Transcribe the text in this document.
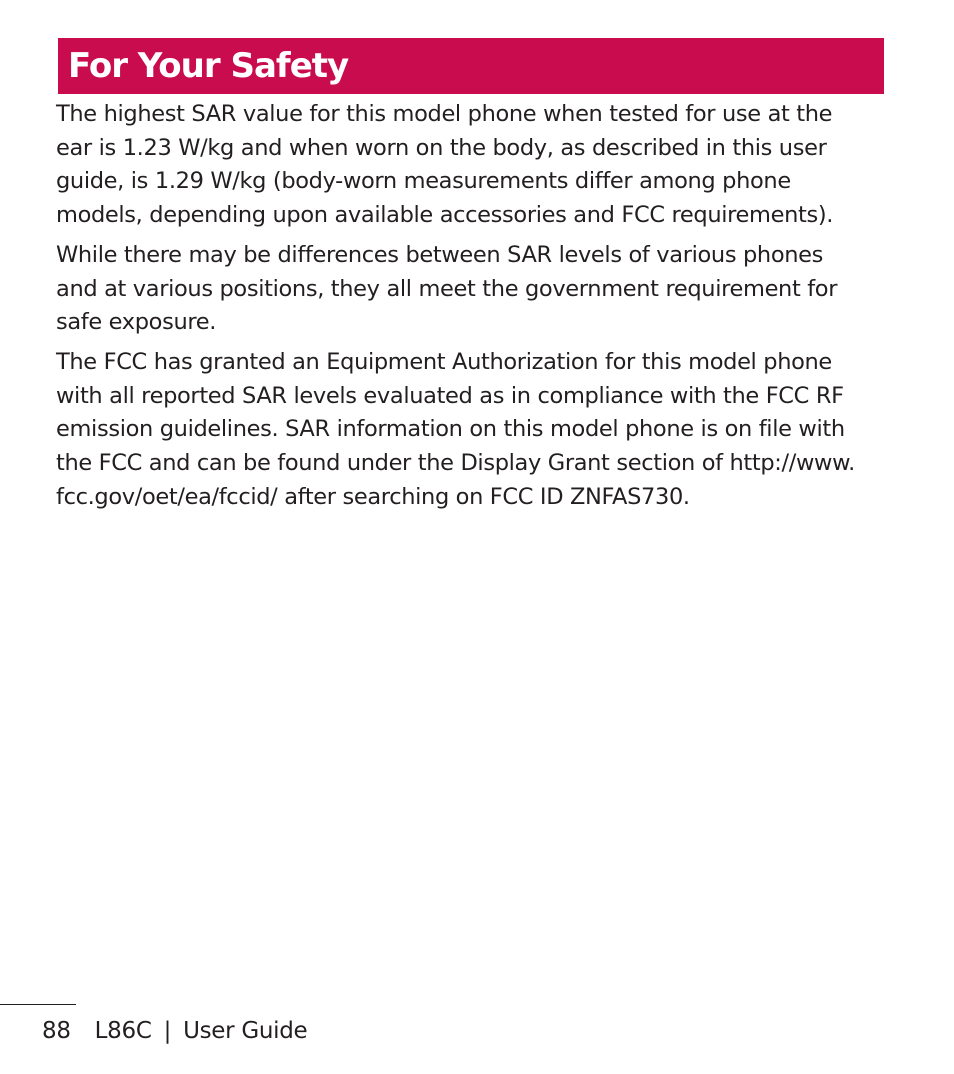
For Your Safety

The highest SAR value for this model phone when tested for use at the
ear is 1.23 W/kg and when worn on the body, as described in this user
guide, is 1.29 W/kg (body-worn measurements differ among phone
models, depending upon available accessories and FCC requirements).

While there may be differences between SAR levels of various phones
and at various positions, they all meet the government requirement for
safe exposure.

The FCC has granted an Equipment Authorization for this model phone
with all reported SAR levels evaluated as in compliance with the FCC RF
emission guidelines. SAR information on this model phone is on file with
the FCC and can be found under the Display Grant section of http://www.
fcc.gov/oet/ea/fccid/ after searching on FCC ID ZNFAS730.

88 L86C | User Guide
